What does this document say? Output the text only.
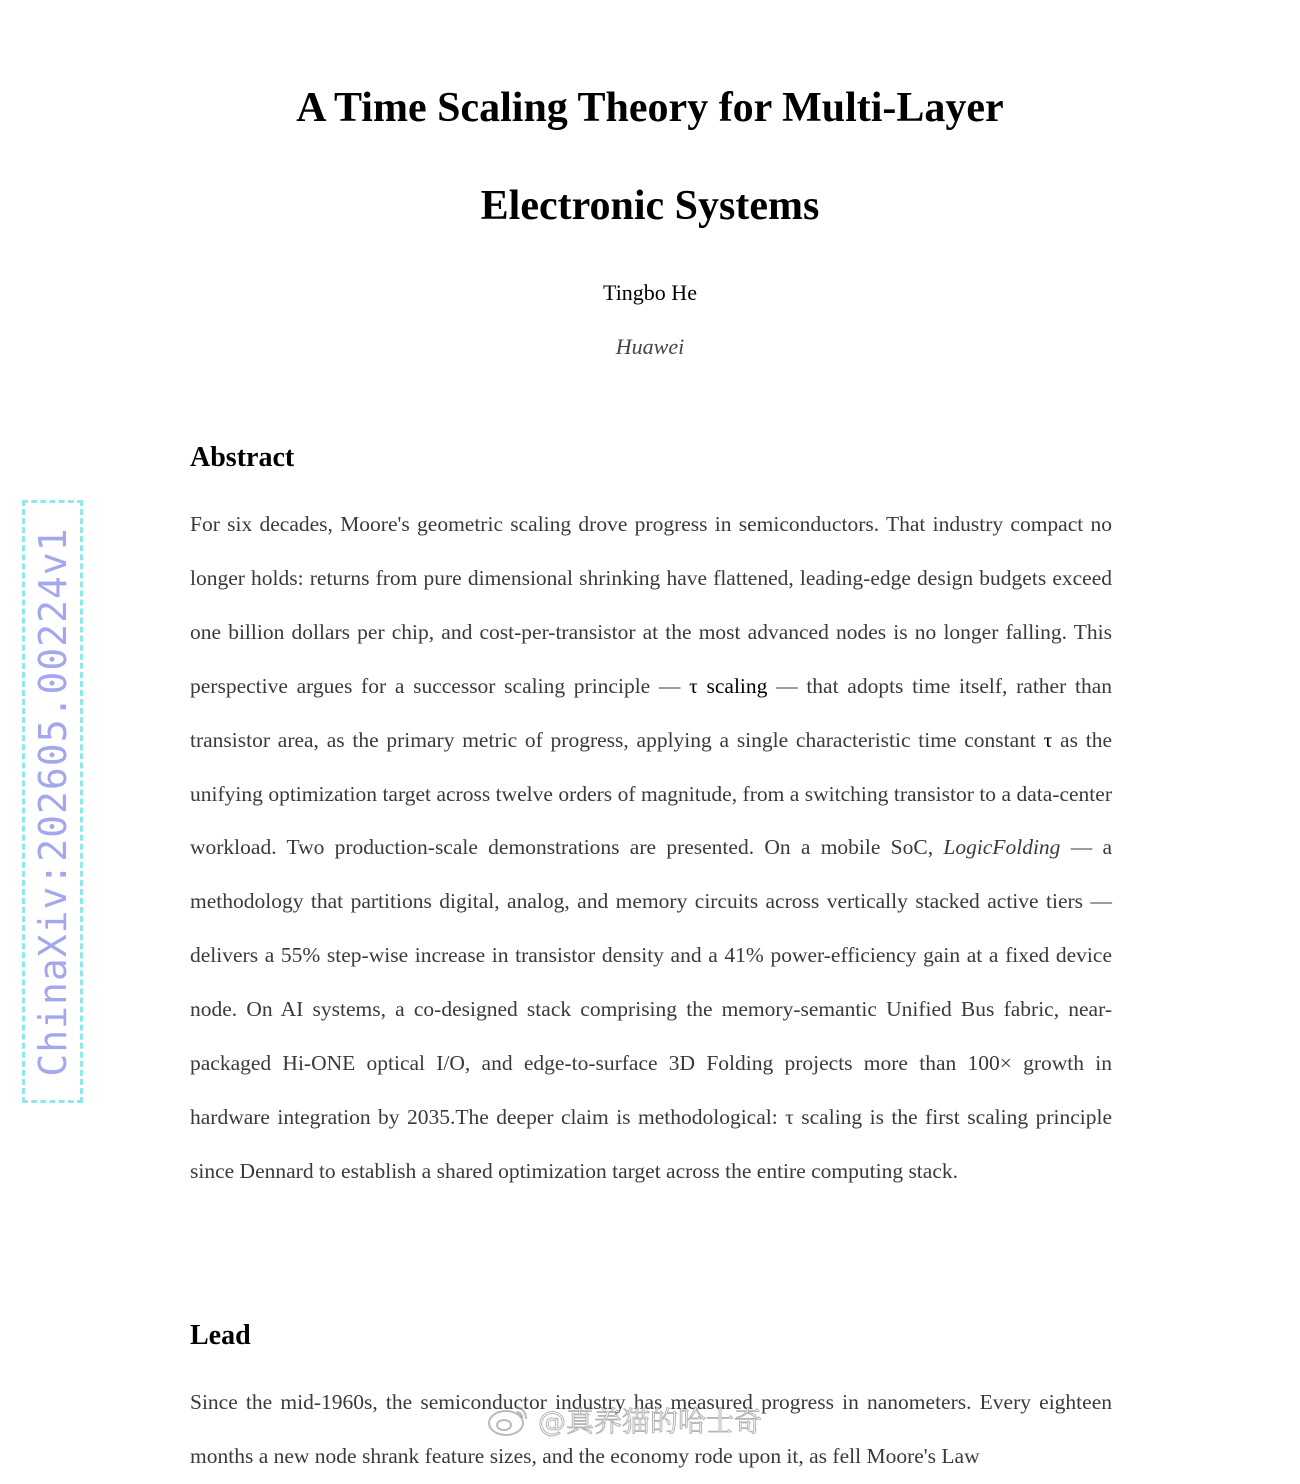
A Time Scaling Theory for Multi-Layer
Electronic Systems
Tingbo He
Huawei
Abstract

For six decades, Moore's geometric scaling drove progress in semiconductors. That industry compact no longer holds: returns from pure dimensional shrinking have flattened, leading-edge design budgets exceed one billion dollars per chip, and cost-per-transistor at the most advanced nodes is no longer falling. This perspective argues for a successor scaling principle — τ scaling — that adopts time itself, rather than transistor area, as the primary metric of progress, applying a single characteristic time constant τ as the unifying optimization target across twelve orders of magnitude, from a switching transistor to a data-center workload. Two production-scale demonstrations are presented. On a mobile SoC, LogicFolding — a methodology that partitions digital, analog, and memory circuits across vertically stacked active tiers — delivers a 55% step-wise increase in transistor density and a 41% power-efficiency gain at a fixed device node. On AI systems, a co-designed stack comprising the memory-semantic Unified Bus fabric, near-packaged Hi-ONE optical I/O, and edge-to-surface 3D Folding projects more than 100× growth in hardware integration by 2035.The deeper claim is methodological: τ scaling is the first scaling principle since Dennard to establish a shared optimization target across the entire computing stack.

Lead

Since the mid-1960s, the semiconductor industry has measured progress in nanometers. Every eighteen months a new node shrank feature sizes, and the economy rode upon it, as fell Moore's Law

ChinaXiv:202605.00224v1
@真养猫的哈士奇
